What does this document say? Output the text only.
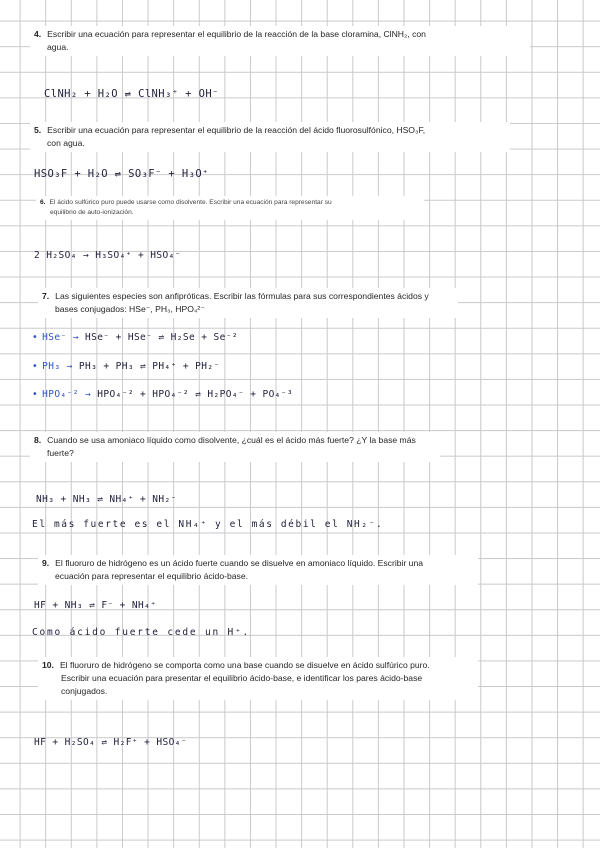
4. Escribir una ecuación para representar el equilibrio de la reacción de la base cloramina, ClNH₂, con
agua.
ClNH₂ + H₂O ⇌ ClNH₃⁺ + OH⁻
5. Escribir una ecuación para representar el equilibrio de la reacción del ácido fluorosulfónico, HSO₃F,
con agua.
HSO₃F + H₂O ⇌ SO₃F⁻ + H₃O⁺
6. El ácido sulfúrico puro puede usarse como disolvente. Escribir una ecuación para representar su
equilibrio de auto-ionización.
2 H₂SO₄ → H₃SO₄⁺ + HSO₄⁻
7. Las siguientes especies son anfipróticas. Escribir las fórmulas para sus correspondientes ácidos y
bases conjugados: HSe⁻, PH₃, HPO₄²⁻
• HSe⁻ → HSe⁻ + HSe⁻ ⇌ H₂Se + Se⁻²
• PH₃ → PH₃ + PH₃ ⇌ PH₄⁺ + PH₂⁻
• HPO₄⁻² → HPO₄⁻² + HPO₄⁻² ⇌ H₂PO₄⁻ + PO₄⁻³
8. Cuando se usa amoniaco líquido como disolvente, ¿cuál es el ácido más fuerte? ¿Y la base más
fuerte?
NH₃ + NH₃ ⇌ NH₄⁺ + NH₂⁻
El más fuerte es el NH₄⁺ y el más débil el NH₂⁻.
9. El fluoruro de hidrógeno es un ácido fuerte cuando se disuelve en amoniaco líquido. Escribir una
ecuación para representar el equilibrio ácido-base.
HF + NH₃ ⇌ F⁻ + NH₄⁺
Como ácido fuerte cede un H⁺.
10. El fluoruro de hidrógeno se comporta como una base cuando se disuelve en ácido sulfúrico puro.
Escribir una ecuación para presentar el equilibrio ácido-base, e identificar los pares ácido-base
conjugados.
HF + H₂SO₄ ⇌ H₂F⁺ + HSO₄⁻
